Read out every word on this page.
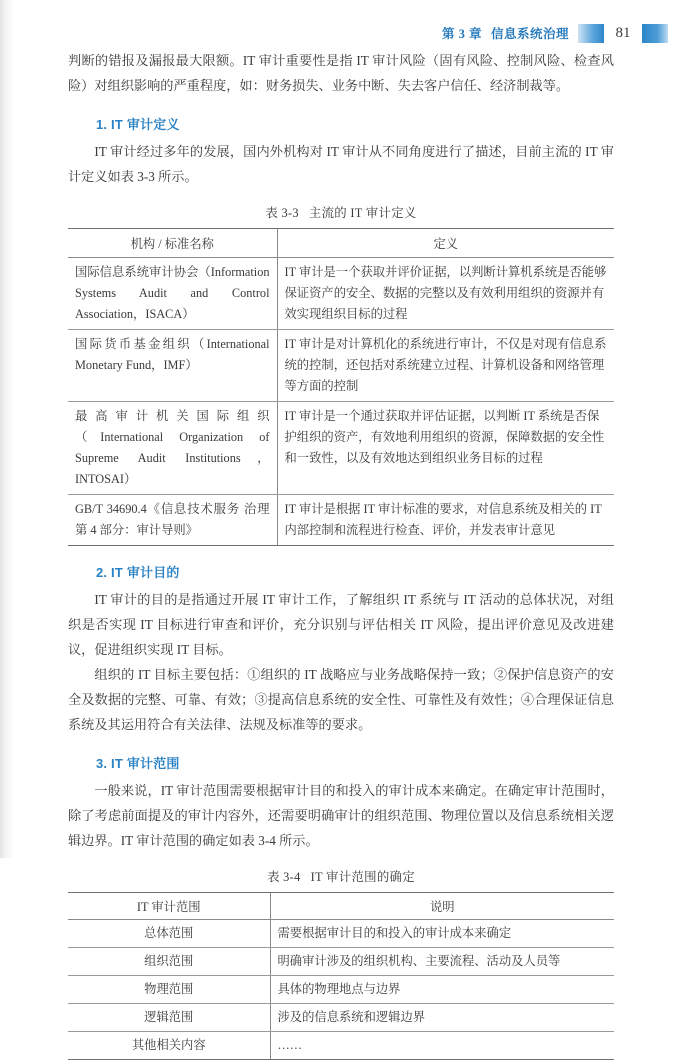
第 3 章 信息系统治理	81

判断的错报及漏报最大限额。IT 审计重要性是指 IT 审计风险（固有风险、控制风险、检查风险）对组织影响的严重程度，如：财务损失、业务中断、失去客户信任、经济制裁等。

1. IT 审计定义

IT 审计经过多年的发展，国内外机构对 IT 审计从不同角度进行了描述，目前主流的 IT 审计定义如表 3-3 所示。

表 3-3 主流的 IT 审计定义
机构 / 标准名称	定义
国际信息系统审计协会（Information Systems Audit and Control Association，ISACA）	IT 审计是一个获取并评价证据，以判断计算机系统是否能够保证资产的安全、数据的完整以及有效利用组织的资源并有效实现组织目标的过程
国际货币基金组织（International Monetary Fund，IMF）	IT 审计是对计算机化的系统进行审计，不仅是对现有信息系统的控制，还包括对系统建立过程、计算机设备和网络管理等方面的控制
最高审计机关国际组织（International Organization of Supreme Audit Institutions，INTOSAI）	IT 审计是一个通过获取并评估证据，以判断 IT 系统是否保护组织的资产，有效地利用组织的资源，保障数据的安全性和一致性，以及有效地达到组织业务目标的过程
GB/T 34690.4《信息技术服务 治理 第 4 部分：审计导则》	IT 审计是根据 IT 审计标准的要求，对信息系统及相关的 IT 内部控制和流程进行检查、评价，并发表审计意见
2. IT 审计目的

IT 审计的目的是指通过开展 IT 审计工作，了解组织 IT 系统与 IT 活动的总体状况，对组织是否实现 IT 目标进行审查和评价，充分识别与评估相关 IT 风险，提出评价意见及改进建议，促进组织实现 IT 目标。

组织的 IT 目标主要包括：①组织的 IT 战略应与业务战略保持一致；②保护信息资产的安全及数据的完整、可靠、有效；③提高信息系统的安全性、可靠性及有效性；④合理保证信息系统及其运用符合有关法律、法规及标准等的要求。

3. IT 审计范围

一般来说，IT 审计范围需要根据审计目的和投入的审计成本来确定。在确定审计范围时，除了考虑前面提及的审计内容外，还需要明确审计的组织范围、物理位置以及信息系统相关逻辑边界。IT 审计范围的确定如表 3-4 所示。

表 3-4 IT 审计范围的确定
IT 审计范围	说明
总体范围	需要根据审计目的和投入的审计成本来确定
组织范围	明确审计涉及的组织机构、主要流程、活动及人员等
物理范围	具体的物理地点与边界
逻辑范围	涉及的信息系统和逻辑边界
其他相关内容	……
